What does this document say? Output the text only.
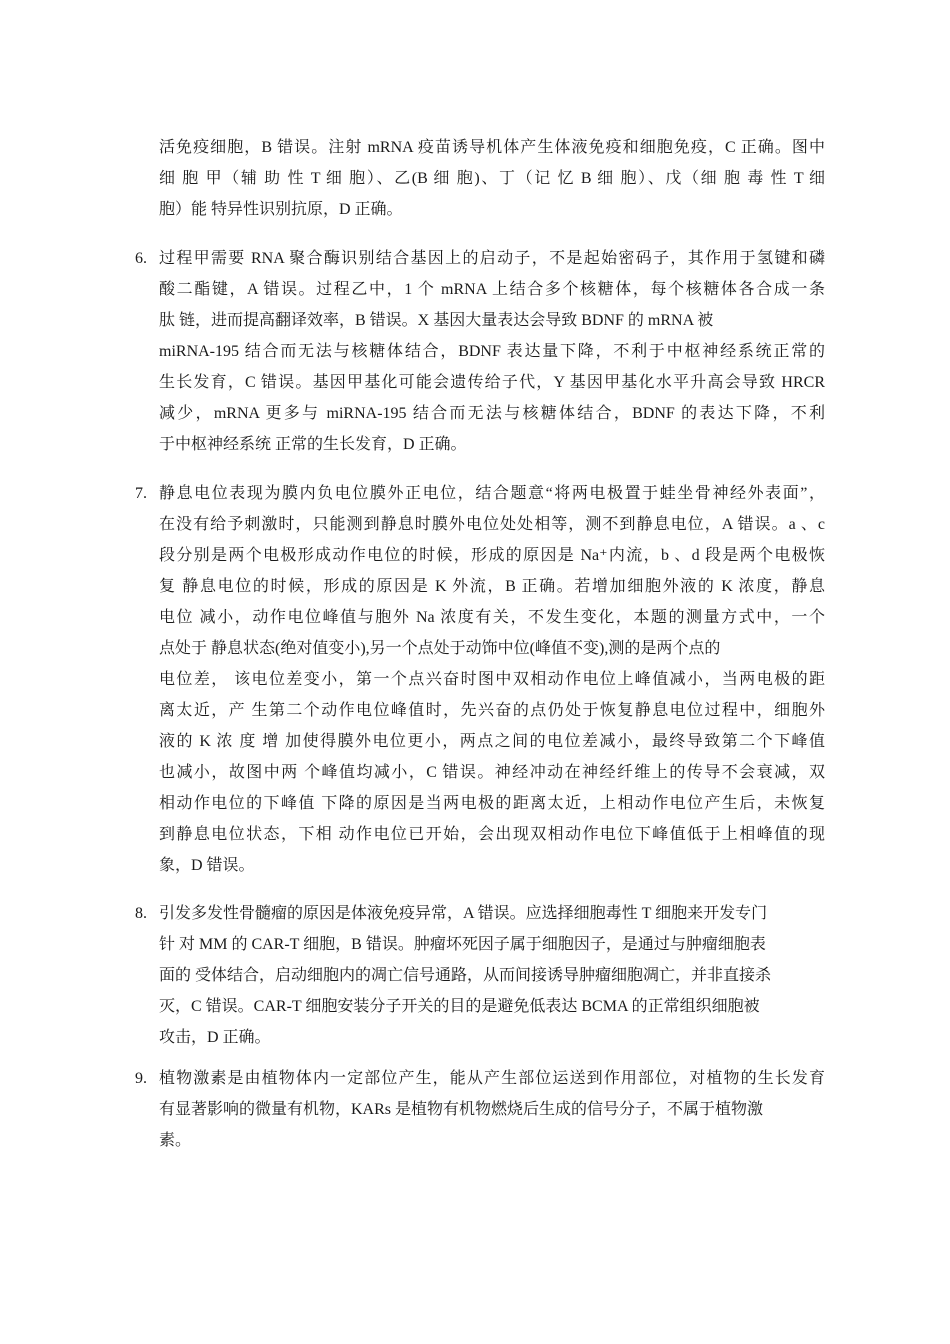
活免疫细胞，B 错误。注射 mRNA 疫苗诱导机体产生体液免疫和细胞免疫，C 正确。图中
细 胞 甲（辅 助 性 T 细 胞）、乙(B 细 胞)、丁（记 忆 B 细 胞）、戊（细 胞 毒 性 T 细
胞）能 特异性识别抗原，D 正确。
6. 过程甲需要 RNA 聚合酶识别结合基因上的启动子，不是起始密码子，其作用于氢键和磷
酸二酯键，A 错误。过程乙中，1 个 mRNA 上结合多个核糖体，每个核糖体各合成一条
肽 链，进而提高翻译效率，B 错误。X 基因大量表达会导致 BDNF 的 mRNA 被
miRNA-195 结合而无法与核糖体结合，BDNF 表达量下降，不利于中枢神经系统正常的
生长发育，C 错误。基因甲基化可能会遗传给子代，Y 基因甲基化水平升高会导致 HRCR
减少，mRNA 更多与 miRNA-195 结合而无法与核糖体结合，BDNF 的表达下降，不利
于中枢神经系统 正常的生长发育，D 正确。
7. 静息电位表现为膜内负电位膜外正电位，结合题意“将两电极置于蛙坐骨神经外表面”，
在没有给予刺激时，只能测到静息时膜外电位处处相等，测不到静息电位，A 错误。a 、c
段分别是两个电极形成动作电位的时候，形成的原因是 Na⁺内流，b 、d 段是两个电极恢
复 静息电位的时候，形成的原因是 K 外流，B 正确。若增加细胞外液的 K 浓度，静息
电位 减小，动作电位峰值与胞外 Na 浓度有关，不发生变化，本题的测量方式中，一个
点处于 静息状态(绝对值变小),另一个点处于动饰中位(峰值不变),测的是两个点的
电位差， 该电位差变小，第一个点兴奋时图中双相动作电位上峰值减小，当两电极的距
离太近，产 生第二个动作电位峰值时，先兴奋的点仍处于恢复静息电位过程中，细胞外
液的 K 浓 度 增 加使得膜外电位更小，两点之间的电位差减小，最终导致第二个下峰值
也减小，故图中两 个峰值均减小，C 错误。神经冲动在神经纤维上的传导不会衰减，双
相动作电位的下峰值 下降的原因是当两电极的距离太近，上相动作电位产生后，未恢复
到静息电位状态，下相 动作电位已开始，会出现双相动作电位下峰值低于上相峰值的现
象，D 错误。
8. 引发多发性骨髓瘤的原因是体液免疫异常，A 错误。应选择细胞毒性 T 细胞来开发专门
针 对 MM 的 CAR-T 细胞，B 错误。肿瘤坏死因子属于细胞因子，是通过与肿瘤细胞表
面的 受体结合，启动细胞内的凋亡信号通路，从而间接诱导肿瘤细胞凋亡，并非直接杀
灭，C 错误。CAR-T 细胞安装分子开关的目的是避免低表达 BCMA 的正常组织细胞被
攻击，D 正确。
9. 植物激素是由植物体内一定部位产生，能从产生部位运送到作用部位，对植物的生长发育
有显著影响的微量有机物，KARs 是植物有机物燃烧后生成的信号分子，不属于植物激
素。
